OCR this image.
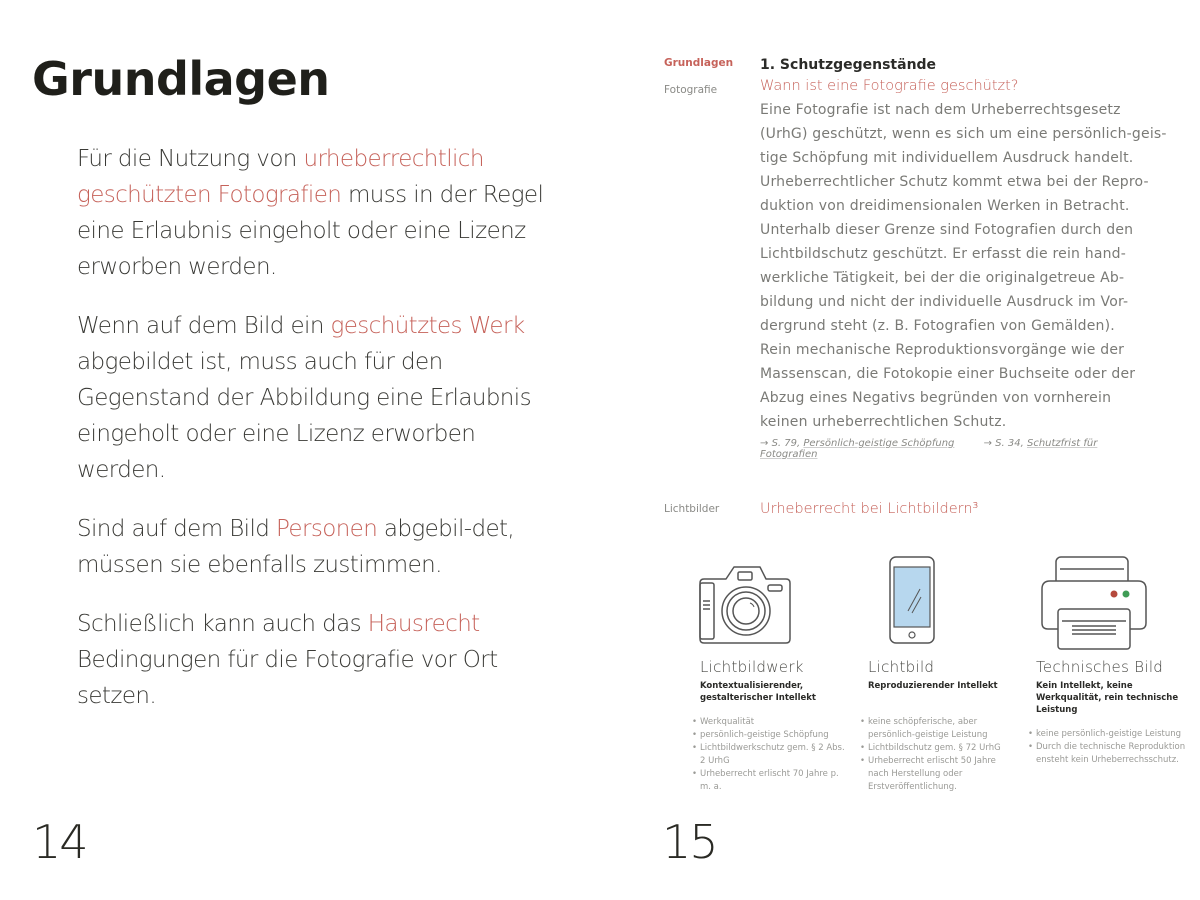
Grundlagen

Für die Nutzung von urheberrechtlich geschützten Fotografien muss in der Regel eine Erlaubnis eingeholt oder eine Lizenz erworben werden.

Wenn auf dem Bild ein geschütztes Werk abgebildet ist, muss auch für den Gegenstand der Abbildung eine Erlaubnis eingeholt oder eine Lizenz erworben werden.

Sind auf dem Bild Personen abgebil-det, müssen sie ebenfalls zustimmen.

Schließlich kann auch das Hausrecht Bedingungen für die Fotografie vor Ort setzen.

14
Grundlagen
Fotografie
1. Schutzgegenstände
Wann ist eine Fotografie geschützt?

Eine Fotografie ist nach dem Urheberrechtsgesetz

(UrhG) geschützt, wenn es sich um eine persönlich-geis-

tige Schöpfung mit individuellem Ausdruck handelt.

Urheberrechtlicher Schutz kommt etwa bei der Repro-

duktion von dreidimensionalen Werken in Betracht.

Unterhalb dieser Grenze sind Fotografien durch den

Lichtbildschutz geschützt. Er erfasst die rein hand-

werkliche Tätigkeit, bei der die originalgetreue Ab-

bildung und nicht der individuelle Ausdruck im Vor-

dergrund steht (z. B. Fotografien von Gemälden).

Rein mechanische Reproduktionsvorgänge wie der

Massenscan, die Fotokopie einer Buchseite oder der

Abzug eines Negativs begründen von vornherein

keinen urheberrechtlichen Schutz.

→ S. 79, Persönlich-geistige Schöpfung	→ S. 34, Schutzfrist für Fotografien
Lichtbilder	Urheberrecht bei Lichtbildern³

Lichtbildwerk

Kontextualisierender, gestalterischer Intellekt

• Werkqualität
• persönlich-geistige Schöpfung
• Lichtbildwerkschutz gem. § 2 Abs. 2 UrhG
• Urheberrecht erlischt 70 Jahre p. m. a.

Lichtbild

Reproduzierender Intellekt

• keine schöpferische, aber persönlich-geistige Leistung
• Lichtbildschutz gem. § 72 UrhG
• Urheberrecht erlischt 50 Jahre nach Herstellung oder Erstveröffentlichung.

Technisches Bild

Kein Intellekt, keine Werkqualität, rein technische Leistung

• keine persönlich-geistige Leistung
• Durch die technische Reproduktion ensteht kein Urheberrechsschutz.
15
